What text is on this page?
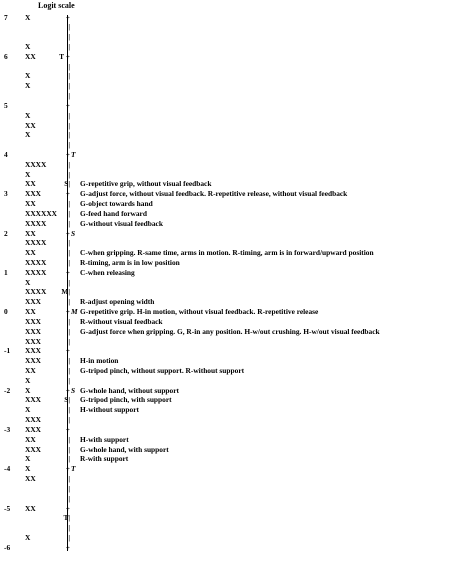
Logit scale
7 X	+
|
|
X	|
6 XX	T +
|
X	|
X	|
|
5	+
X	|
XX	|
X	|
|
4	+ T
XXXX	|
X	|
XX	S| G-repetitive grip, without visual feedback
3 XXX	+ G-adjust force, without visual feedback. R-repetitive release, without visual feedback
XX	| G-object towards hand
XXXXXX	| G-feed hand forward
XXXX	| G-without visual feedback
2 XX	+ S
XXXX	|
XX	| C-when gripping. R-same time, arms in motion. R-timing, arm is in forward/upward position
XXXX	| R-timing, arm is in low position
1 XXXX	+ C-when releasing
X	|
XXXX	M|
XXX	| R-adjust opening width
0 XX	+ M G-repetitive grip. H-in motion, without visual feedback. R-repetitive release
XXX	| R-without visual feedback
XXX	| G-adjust force when gripping. G, R-in any position. H-w/out crushing. H-w/out visual feedback
XXX	|
-1 XXX	+
XXX	| H-in motion
XX	| G-tripod pinch, without support. R-without support
X	|
-2 X	+ S G-whole hand, without support
XXX	S| G-tripod pinch, with support
X	| H-without support
XXX	|
-3 XXX	+
XX	| H-with support
XXX	| G-whole hand, with support
X	| R-with support
-4 X	+ T
XX	|
|
|
-5 XX	+
T|
|
X	|
-6	+
